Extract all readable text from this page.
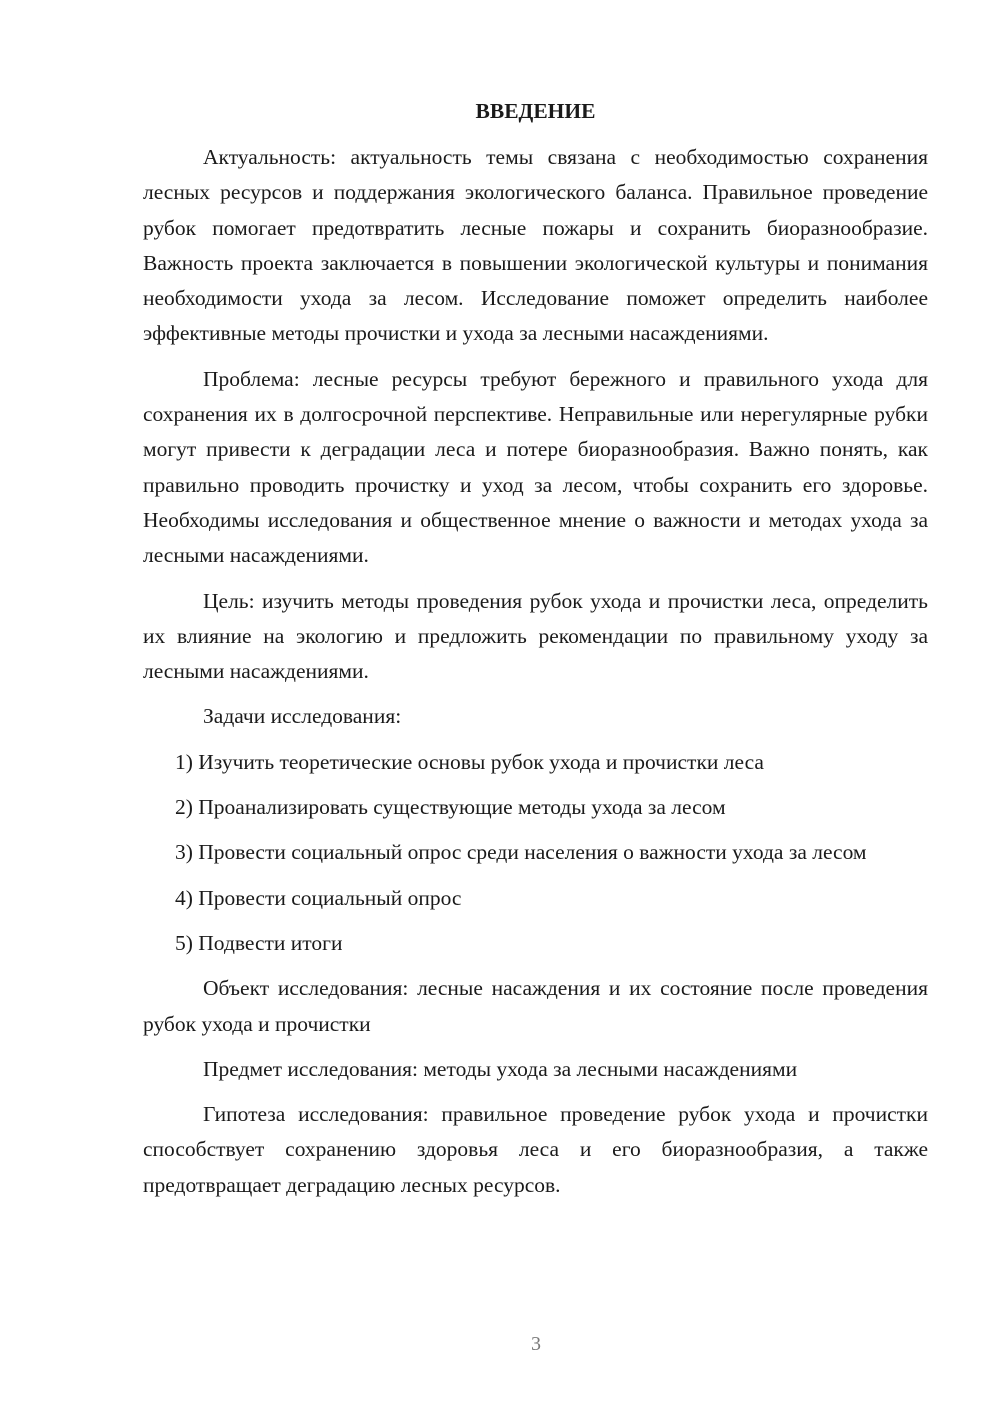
ВВЕДЕНИЕ

Актуальность: актуальность темы связана с необходимостью сохранения лесных ресурсов и поддержания экологического баланса. Правильное проведение рубок помогает предотвратить лесные пожары и сохранить биоразнообразие. Важность проекта заключается в повышении экологической культуры и понимания необходимости ухода за лесом. Исследование поможет определить наиболее эффективные методы прочистки и ухода за лесными насаждениями.

Проблема: лесные ресурсы требуют бережного и правильного ухода для сохранения их в долгосрочной перспективе. Неправильные или нерегулярные рубки могут привести к деградации леса и потере биоразнообразия. Важно понять, как правильно проводить прочистку и уход за лесом, чтобы сохранить его здоровье. Необходимы исследования и общественное мнение о важности и методах ухода за лесными насаждениями.

Цель: изучить методы проведения рубок ухода и прочистки леса, определить их влияние на экологию и предложить рекомендации по правильному уходу за лесными насаждениями.

Задачи исследования:

1) Изучить теоретические основы рубок ухода и прочистки леса

2) Проанализировать существующие методы ухода за лесом

3) Провести социальный опрос среди населения о важности ухода за лесом

4) Провести социальный опрос

5) Подвести итоги

Объект исследования: лесные насаждения и их состояние после проведения рубок ухода и прочистки

Предмет исследования: методы ухода за лесными насаждениями

Гипотеза исследования: правильное проведение рубок ухода и прочистки способствует сохранению здоровья леса и его биоразнообразия, а также предотвращает деградацию лесных ресурсов.

3
